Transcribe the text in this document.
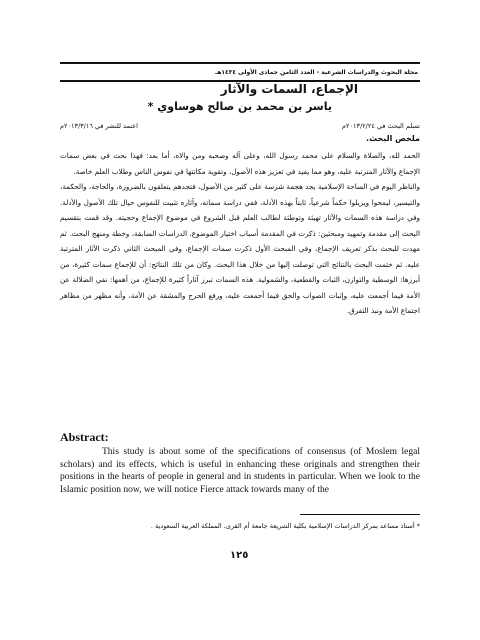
مجلة البحوث والدراسات الشرعية - العدد الثامن جمادى الأولى ١٤٣٤هـ
الإجماع، السمات والآثار
ياسر بن محمد بن صالح هوساوي *
تسلم البحث في ٢٠١٣/٢/٢٤م
اعتمد للنشر في ٢٠١٣/٣/١٦م
ملخص البحث.

الحمد لله، والصلاة والسلام على محمد رسول الله، وعلى آله وصحبه ومن والاه، أما بعد: فهذا بحث في بعض سمات الإجماع والآثار المترتبة عليه، وهو مما يفيد في تعزيز هذه الأصول، وتقوية مكانتها في نفوس الناس وطلاب العلم خاصة.

والناظر اليوم في الساحة الإسلامية يجد هجمة شرسة على كثير من الأصول، فتجدهم يتعلقون بالضرورة، والحاجة، والحكمة، والتيسير، ليمحوا ويزيلوا حكماً شرعياً، ثابتاً بهذه الأدلة، ففي دراسة سماته، وآثاره تثبيت للنفوس حيال تلك الأصول والأدلة. وفي دراسة هذه السمات والآثار تهيئة وتوطئة لطالب العلم قبل الشروع في موضوع الإجماع وحجيته. وقد قمت بتقسيم البحث إلى مقدمة وتمهيد ومبحثين: ذكرت في المقدمة أسباب اختيار الموضوع، الدراسات السابقة، وخطة ومنهج البحث. ثم مهدت للبحث بذكر تعريف الإجماع، وفي المبحث الأول ذكرت سمات الإجماع، وفي المبحث الثاني ذكرت الآثار المترتبة عليه. ثم ختمت البحث بالنتائج التي توصلت إليها من خلال هذا البحث. وكان من تلك النتائج: أن للإجماع سمات كثيرة، من أبرزها: الوسطية والتوازن، الثبات والقطعية، والشمولية. هذه السمات تبرز آثاراً كثيرة للإجماع، من أهمها: نفي الضلالة عن الأمة فيما أجمعت عليه، وإثبات الصواب والحق فيما أجمعت عليه، ورفع الحرج والمشقة عن الأمة، وأنه مظهر من مظاهر اجتماع الأمة ونبذ التفرق.

Abstract:
This study is about some of the specifications of consensus (of Moslem legal scholars) and its effects, which is useful in enhancing these originals and strengthen their positions in the hearts of people in general and in students in particular. When we look to the Islamic position now, we will notice Fierce attack towards many of the
* أستاذ مساعد بمركز الدراسات الإسلامية بكلية الشريعة جامعة أم القرى، المملكة العربية السعودية .
١٢٥
